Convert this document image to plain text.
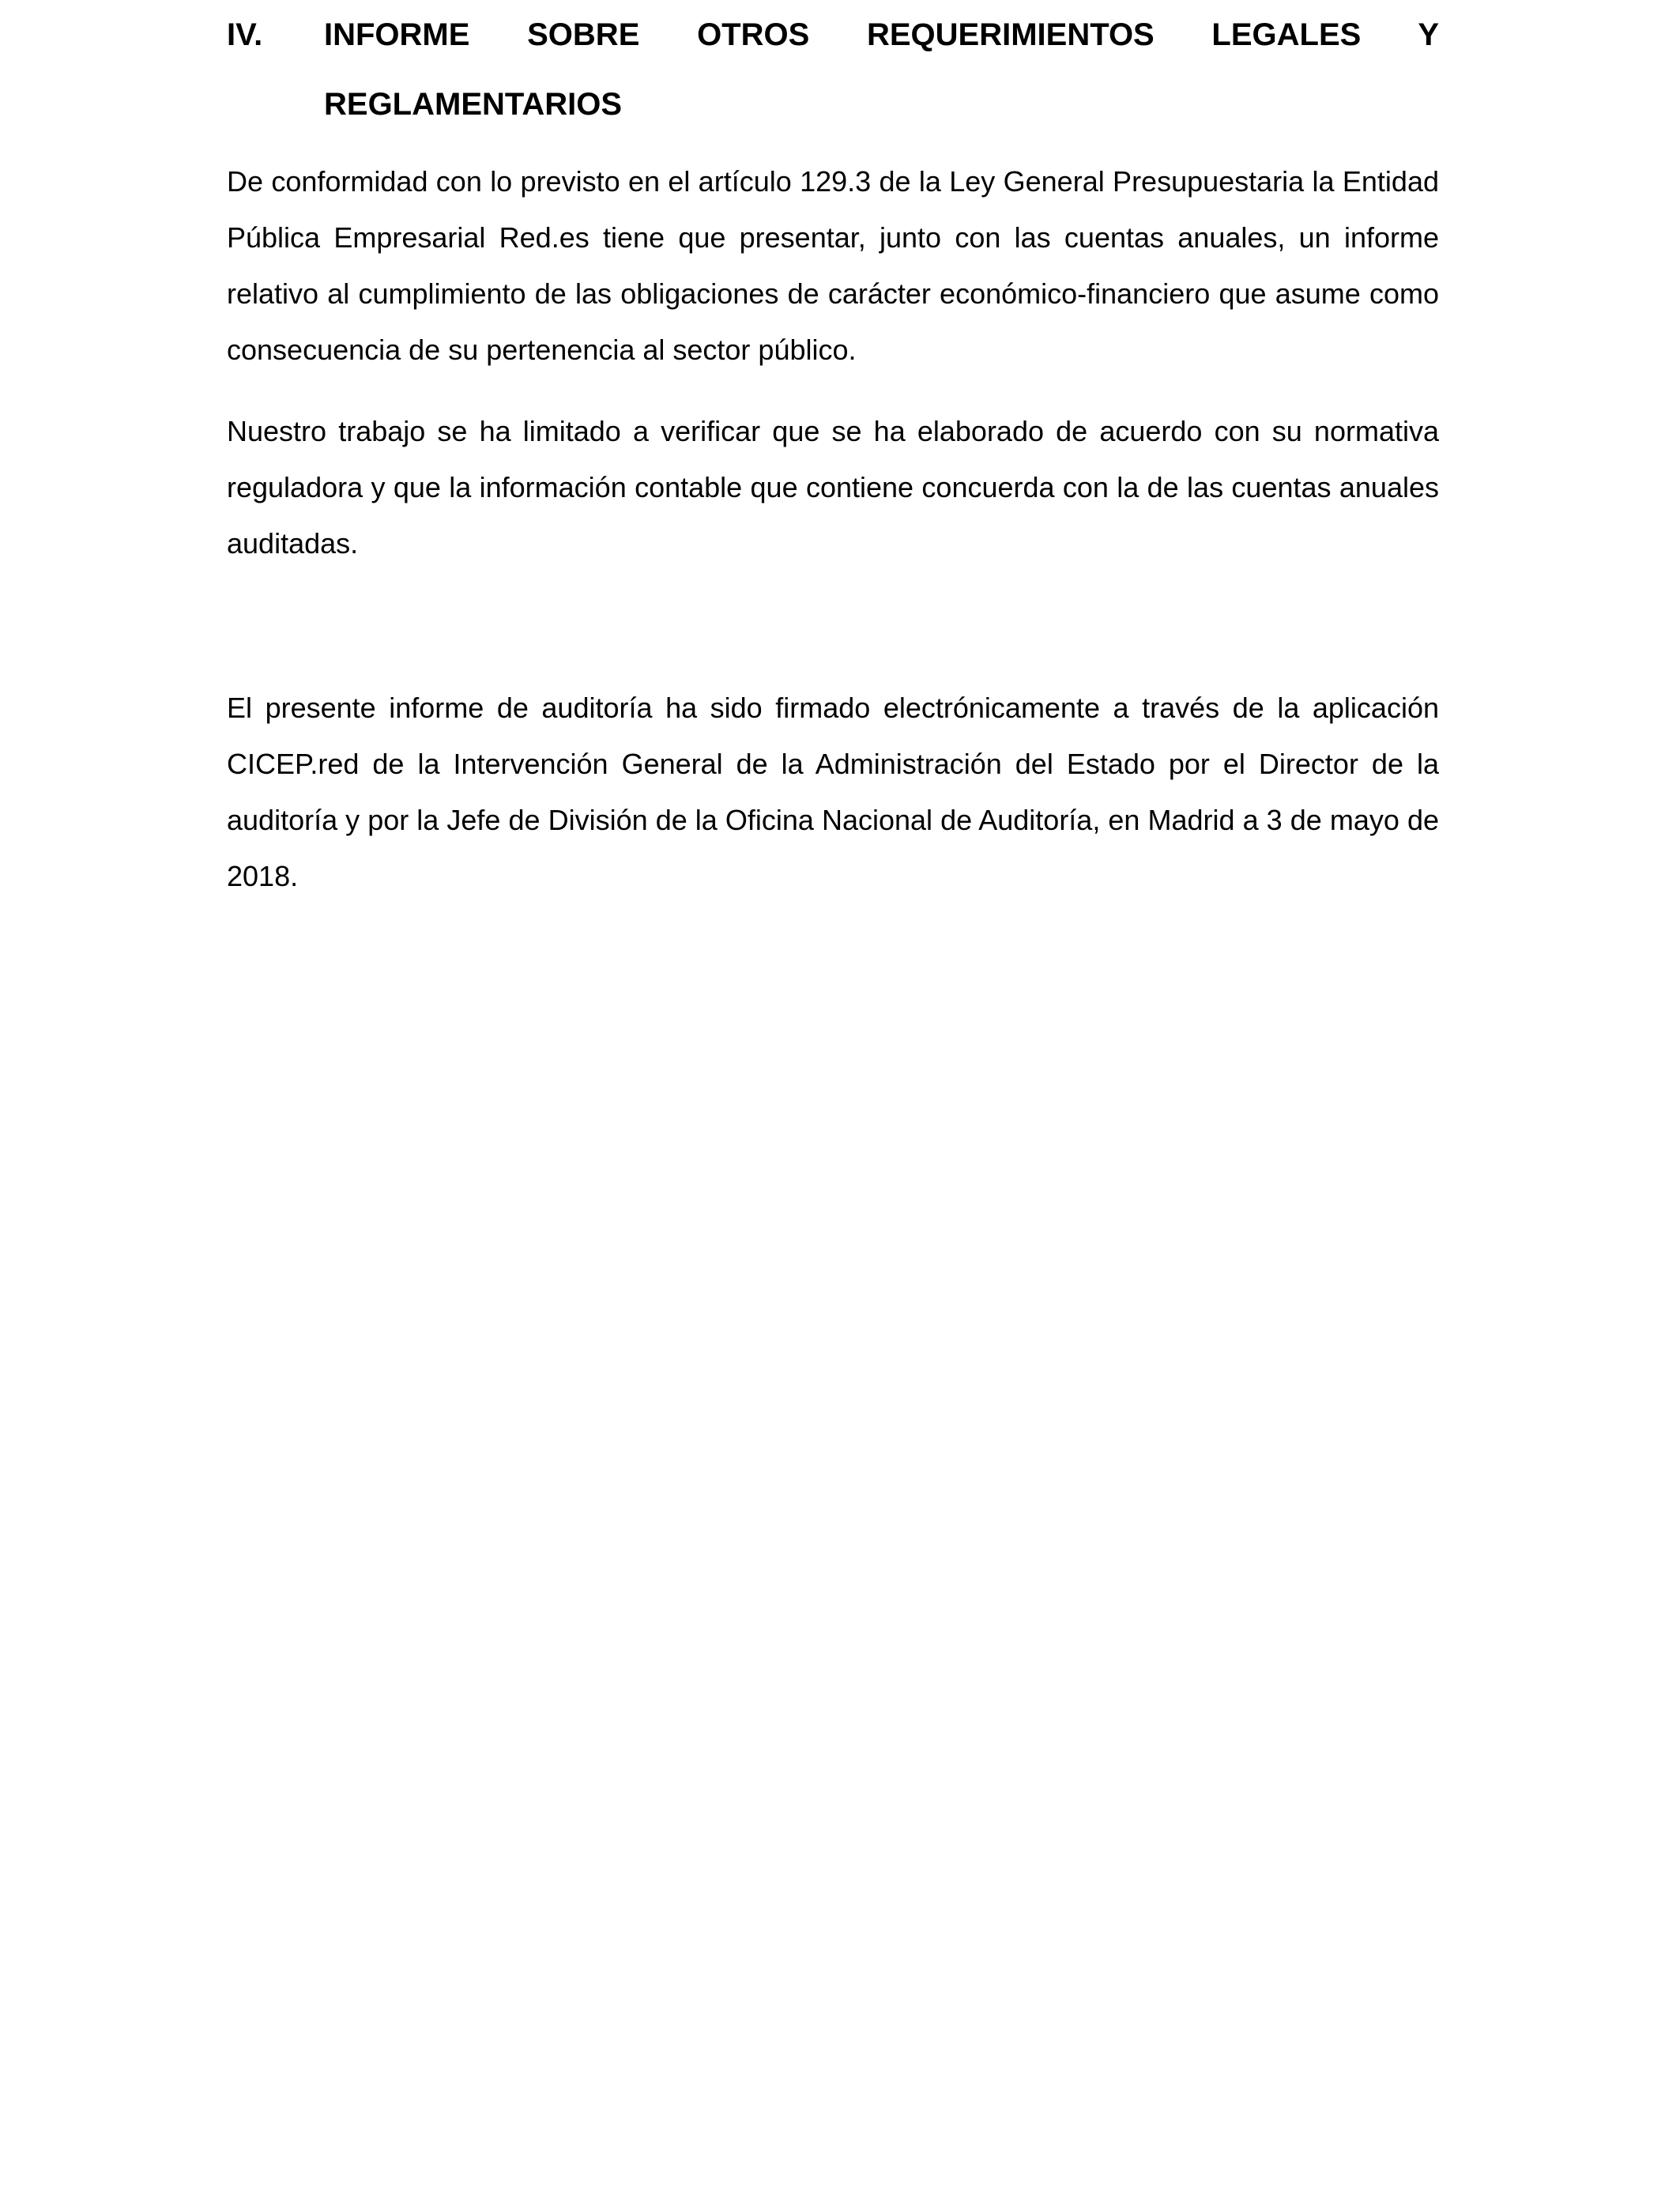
IV.	INFORME SOBRE OTROS REQUERIMIENTOS LEGALES Y
REGLAMENTARIOS

De conformidad con lo previsto en el artículo 129.3 de la Ley General Presupuestaria la Entidad Pública Empresarial Red.es tiene que presentar, junto con las cuentas anuales, un informe relativo al cumplimiento de las obligaciones de carácter económico-financiero que asume como consecuencia de su pertenencia al sector público.

Nuestro trabajo se ha limitado a verificar que se ha elaborado de acuerdo con su normativa reguladora y que la información contable que contiene concuerda con la de las cuentas anuales auditadas.

El presente informe de auditoría ha sido firmado electrónicamente a través de la aplicación CICEP.red de la Intervención General de la Administración del Estado por el Director de la auditoría y por la Jefe de División de la Oficina Nacional de Auditoría, en Madrid a 3 de mayo de 2018.
